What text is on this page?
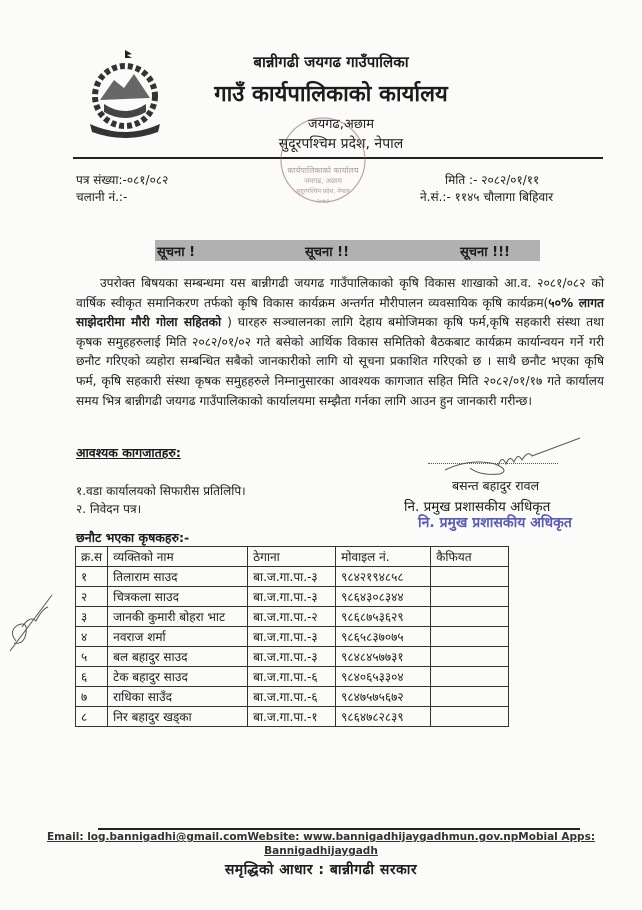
बान्नीगढी जयगढ गाउँपालिका
गाउँ कार्यपालिकाको कार्यालय
जयगढ,अछाम
सुदूरपश्चिम प्रदेश, नेपाल
कार्यपालिकाको कार्यालय
जयगढ, अछाम
सुदूरपश्चिम प्रदेश, नेपाल
२०७३
पत्र संख्या:-०८१/०८२
चलानी नं.:-
मिति :- २०८२/०१/११
ने.सं.:- ११४५ चौलागा बिहिवार
सूचना !	सूचना !!	सूचना !!!
उपरोक्त बिषयका सम्बन्धमा यस बान्नीगढी जयगढ गाउँपालिकाको कृषि विकास शाखाको आ.व. २०८१/०८२ को वार्षिक स्वीकृत समानिकरण तर्फको कृषि विकास कार्यक्रम अन्तर्गत मौरीपालन व्यवसायिक कृषि कार्यक्रम(५०% लागत साझेदारीमा मौरी गोला सहितको ) घारहरु सञ्चालनका लागि देहाय बमोजिमका कृषि फर्म,कृषि सहकारी संस्था तथा कृषक समुहहरुलाई मिति २०८२/०१/०२ गते बसेको आर्थिक विकास समितिको बैठकबाट कार्यक्रम कार्यान्वयन गर्ने गरी छनौट गरिएको व्यहोरा सम्बन्धित सबैको जानकारीको लागि यो सूचना प्रकाशित गरिएको छ । साथै छनौट भएका कृषि फर्म, कृषि सहकारी संस्था कृषक समुहहरुले निम्नानुसारका आवश्यक कागजात सहित मिति २०८२/०१/१७ गते कार्यालय समय भित्र बान्नीगढी जयगढ गाउँपालिकाको कार्यालयमा सम्झैता गर्नका लागि आउन हुन जानकारी गरीन्छ।
आवश्यक कागजातहरु:
१.वडा कार्यालयको सिफारीस प्रतिलिपि।
२. निवेदन पत्र।
बसन्त बहादुर रावल
नि. प्रमुख प्रशासकीय अधिकृत
नि. प्रमुख प्रशासकीय अधिकृत
छनौट भएका कृषकहरु:-
क्र.स	व्यक्तिको नाम	ठेगाना	मोवाइल नं.	कैफियत
१	तिलाराम साउद	बा.ज.गा.पा.-३	९८४२१९४८५८	
२	चित्रकला साउद	बा.ज.गा.पा.-३	९८६४३०८३४४	
३	जानकी कुमारी बोहरा भाट	बा.ज.गा.पा.-२	९८६८७५३६२९	
४	नवराज शर्मा	बा.ज.गा.पा.-३	९८६५८३७०७५	
५	बल बहादुर साउद	बा.ज.गा.पा.-३	९८४८४५७७३१	
६	टेक बहादुर साउद	बा.ज.गा.पा.-६	९८४०६५३३०४	
७	राधिका साउँद	बा.ज.गा.पा.-६	९८४७५७५६७२	
८	निर बहादुर खड्का	बा.ज.गा.पा.-१	९८६४७८२८३९	
Email: log.bannigadhi@gmail.comWebsite: www.bannigadhijaygadhmun.gov.npMobial Apps:
Bannigadhijaygadh
समृद्धिको आधार : बान्नीगढी सरकार
